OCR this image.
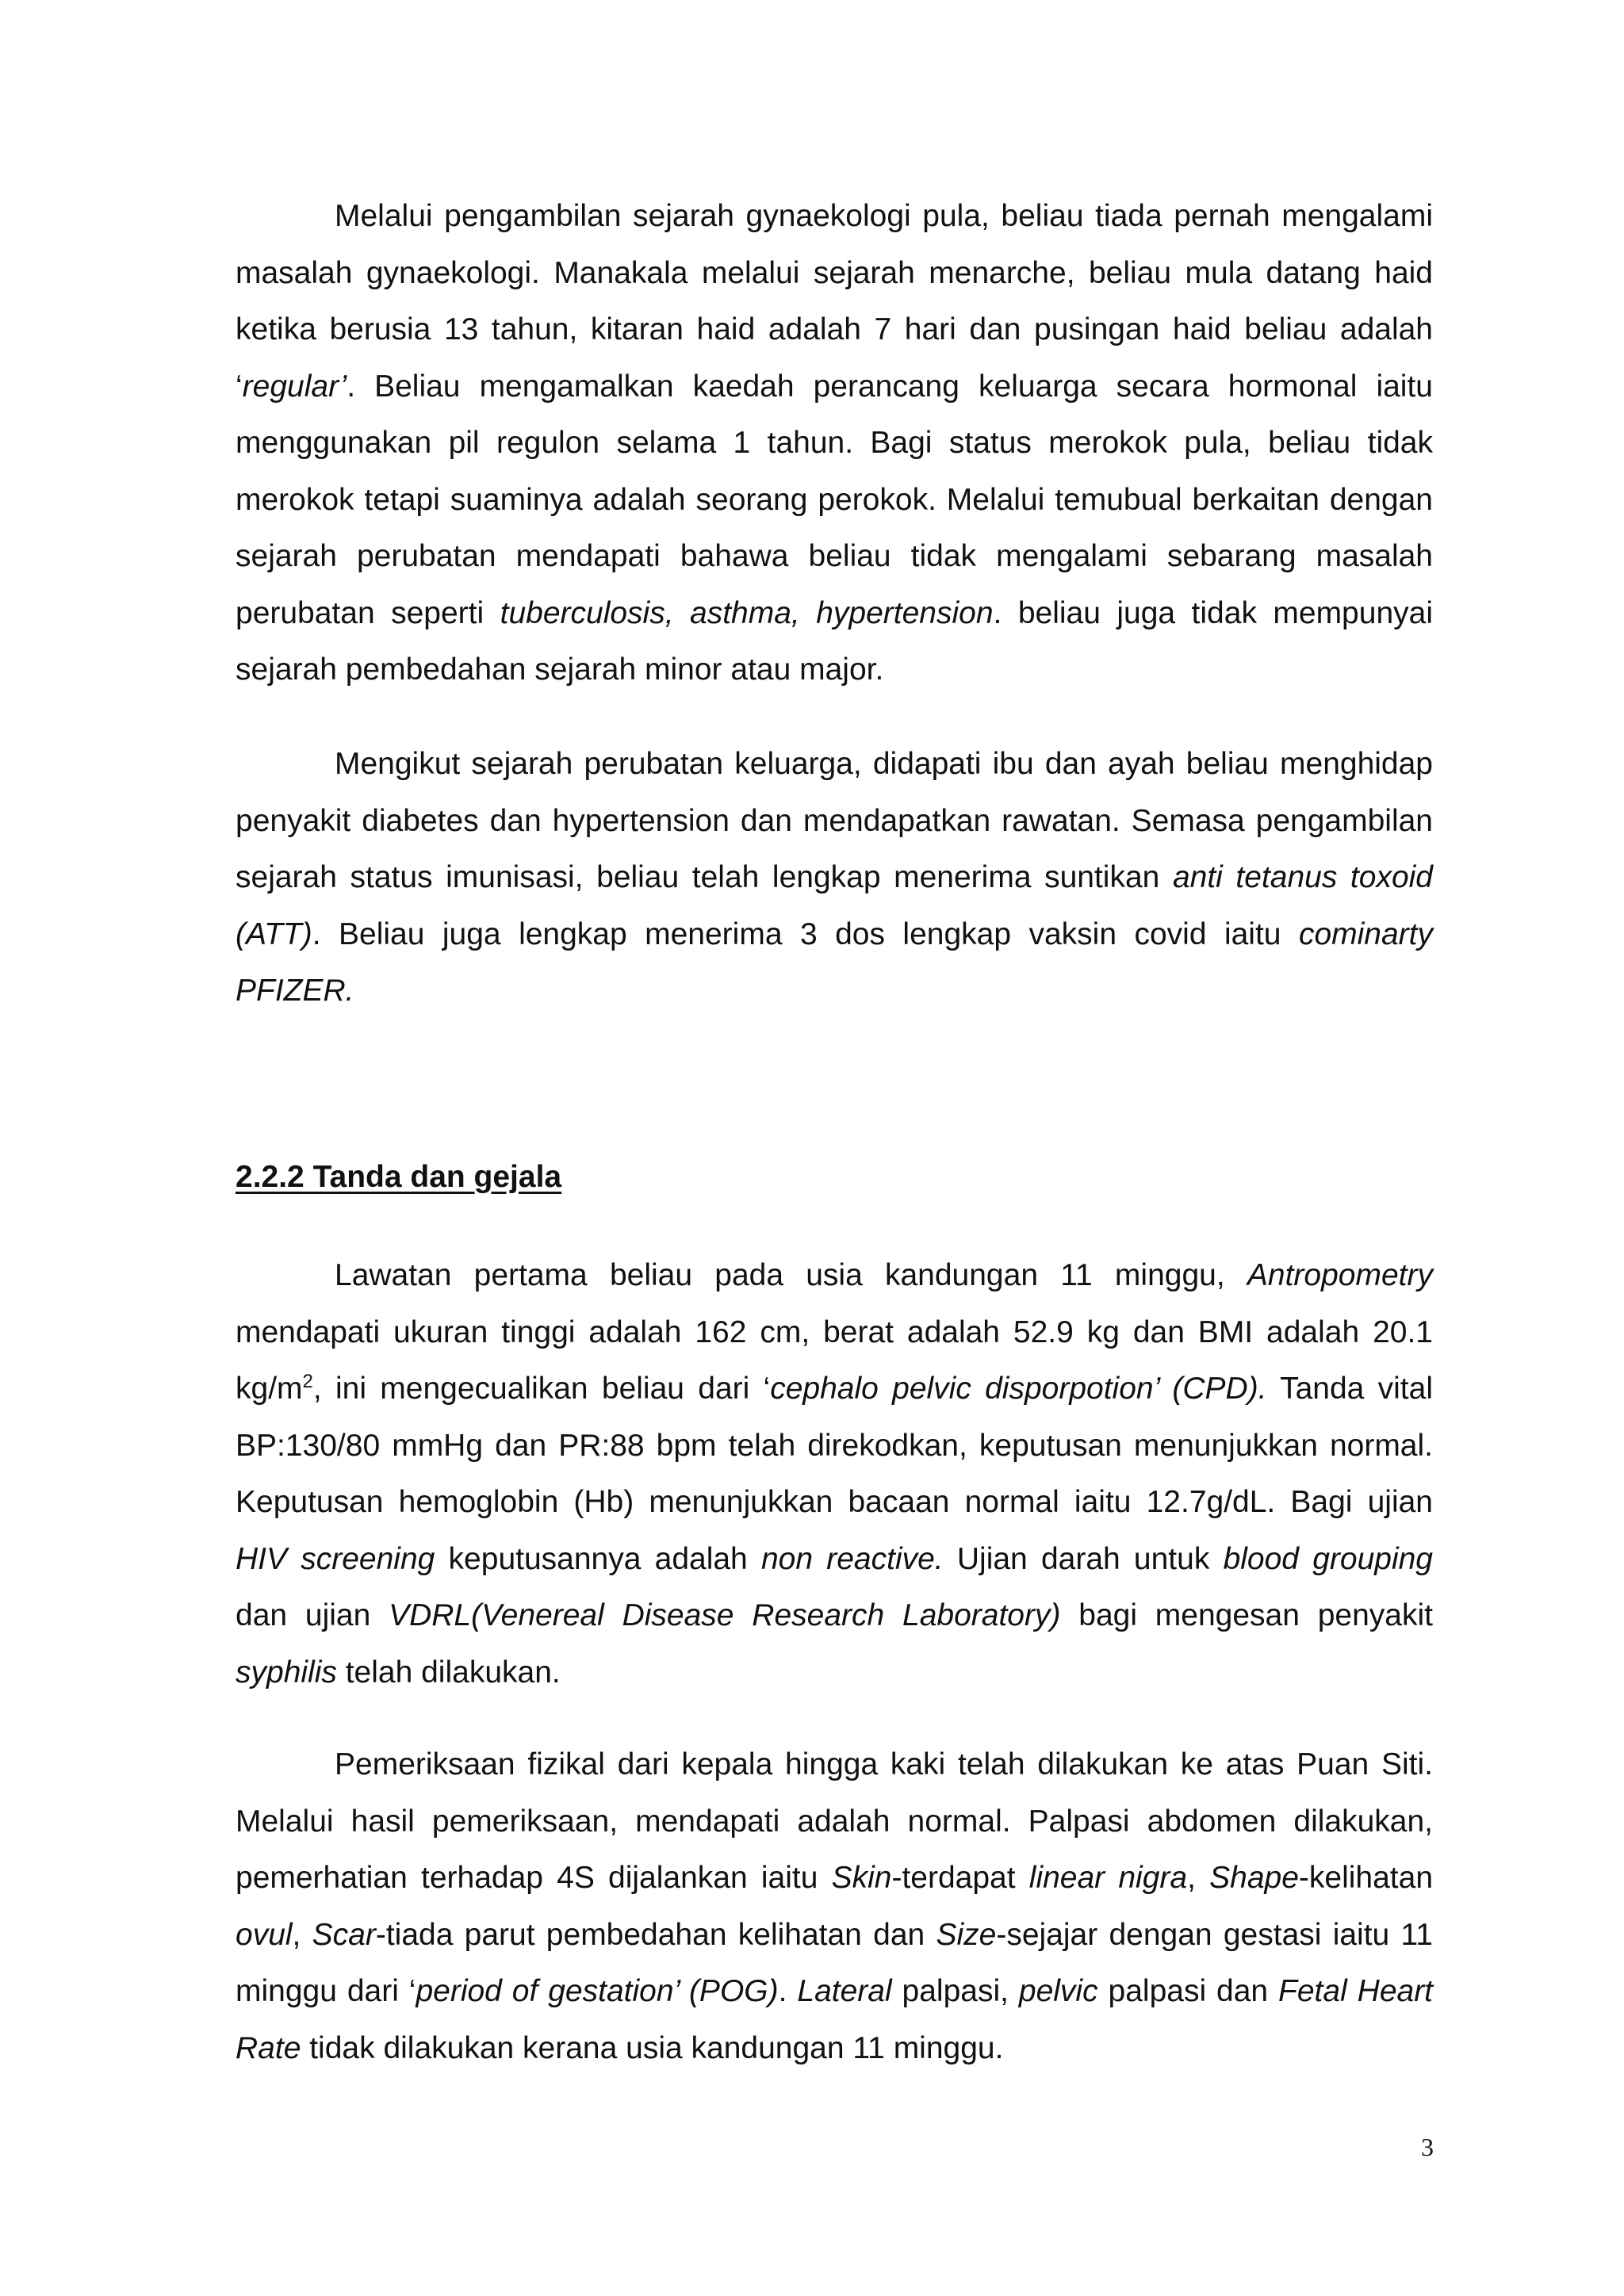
Melalui pengambilan sejarah gynaekologi pula, beliau tiada pernah mengalami masalah gynaekologi. Manakala melalui sejarah menarche, beliau mula datang haid ketika berusia 13 tahun, kitaran haid adalah 7 hari dan pusingan haid beliau adalah ‘regular’. Beliau mengamalkan kaedah perancang keluarga secara hormonal iaitu menggunakan pil regulon selama 1 tahun. Bagi status merokok pula, beliau tidak merokok tetapi suaminya adalah seorang perokok. Melalui temubual berkaitan dengan sejarah perubatan mendapati bahawa beliau tidak mengalami sebarang masalah perubatan seperti tuberculosis, asthma, hypertension. beliau juga tidak mempunyai sejarah pembedahan sejarah minor atau major.

Mengikut sejarah perubatan keluarga, didapati ibu dan ayah beliau menghidap penyakit diabetes dan hypertension dan mendapatkan rawatan. Semasa pengambilan sejarah status imunisasi, beliau telah lengkap menerima suntikan anti tetanus toxoid (ATT). Beliau juga lengkap menerima 3 dos lengkap vaksin covid iaitu cominarty PFIZER.

2.2.2 Tanda dan gejala

Lawatan pertama beliau pada usia kandungan 11 minggu, Antropometry mendapati ukuran tinggi adalah 162 cm, berat adalah 52.9 kg dan BMI adalah 20.1 $kg/m^2$, ini mengecualikan beliau dari ‘cephalo pelvic disporpotion’ (CPD). Tanda vital BP:130/80 mmHg dan PR:88 bpm telah direkodkan, keputusan menunjukkan normal. Keputusan hemoglobin (Hb) menunjukkan bacaan normal iaitu 12.7g/dL. Bagi ujian HIV screening keputusannya adalah non reactive. Ujian darah untuk blood grouping dan ujian VDRL(Venereal Disease Research Laboratory) bagi mengesan penyakit syphilis telah dilakukan.

Pemeriksaan fizikal dari kepala hingga kaki telah dilakukan ke atas Puan Siti. Melalui hasil pemeriksaan, mendapati adalah normal. Palpasi abdomen dilakukan, pemerhatian terhadap 4S dijalankan iaitu Skin-terdapat linear nigra, Shape-kelihatan ovul, Scar-tiada parut pembedahan kelihatan dan Size-sejajar dengan gestasi iaitu 11 minggu dari ‘period of gestation’ (POG). Lateral palpasi, pelvic palpasi dan Fetal Heart Rate tidak dilakukan kerana usia kandungan 11 minggu.

3
